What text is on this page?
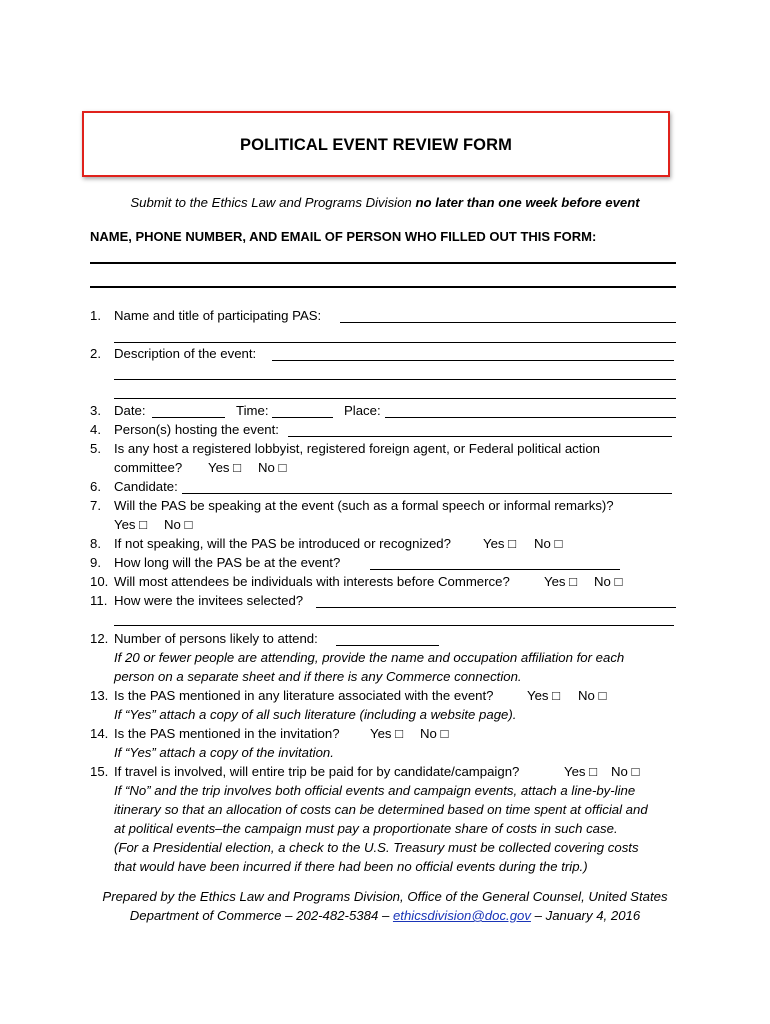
POLITICAL EVENT REVIEW FORM
Submit to the Ethics Law and Programs Division no later than one week before event
NAME, PHONE NUMBER, AND EMAIL OF PERSON WHO FILLED OUT THIS FORM:
1. Name and title of participating PAS:
2. Description of the event:
3. Date:	Time:	Place:
4. Person(s) hosting the event:
5. Is any host a registered lobbyist, registered foreign agent, or Federal political action
committee? Yes □ No □
6. Candidate:
7. Will the PAS be speaking at the event (such as a formal speech or informal remarks)?
Yes □ No □
8. If not speaking, will the PAS be introduced or recognized? Yes □ No □
9. How long will the PAS be at the event?
10. Will most attendees be individuals with interests before Commerce?	Yes □ No □
11. How were the invitees selected?
12. Number of persons likely to attend:
If 20 or fewer people are attending, provide the name and occupation affiliation for each
person on a separate sheet and if there is any Commerce connection.
13. Is the PAS mentioned in any literature associated with the event?	Yes □ No □
If “Yes” attach a copy of all such literature (including a website page).
14. Is the PAS mentioned in the invitation? Yes □ No □
If “Yes” attach a copy of the invitation.
15. If travel is involved, will entire trip be paid for by candidate/campaign?	Yes □ No □
If “No” and the trip involves both official events and campaign events, attach a line-by-line
itinerary so that an allocation of costs can be determined based on time spent at official and
at political events–the campaign must pay a proportionate share of costs in such case.
(For a Presidential election, a check to the U.S. Treasury must be collected covering costs
that would have been incurred if there had been no official events during the trip.)
Prepared by the Ethics Law and Programs Division, Office of the General Counsel, United States
Department of Commerce – 202-482-5384 – ethicsdivision@doc.gov – January 4, 2016
